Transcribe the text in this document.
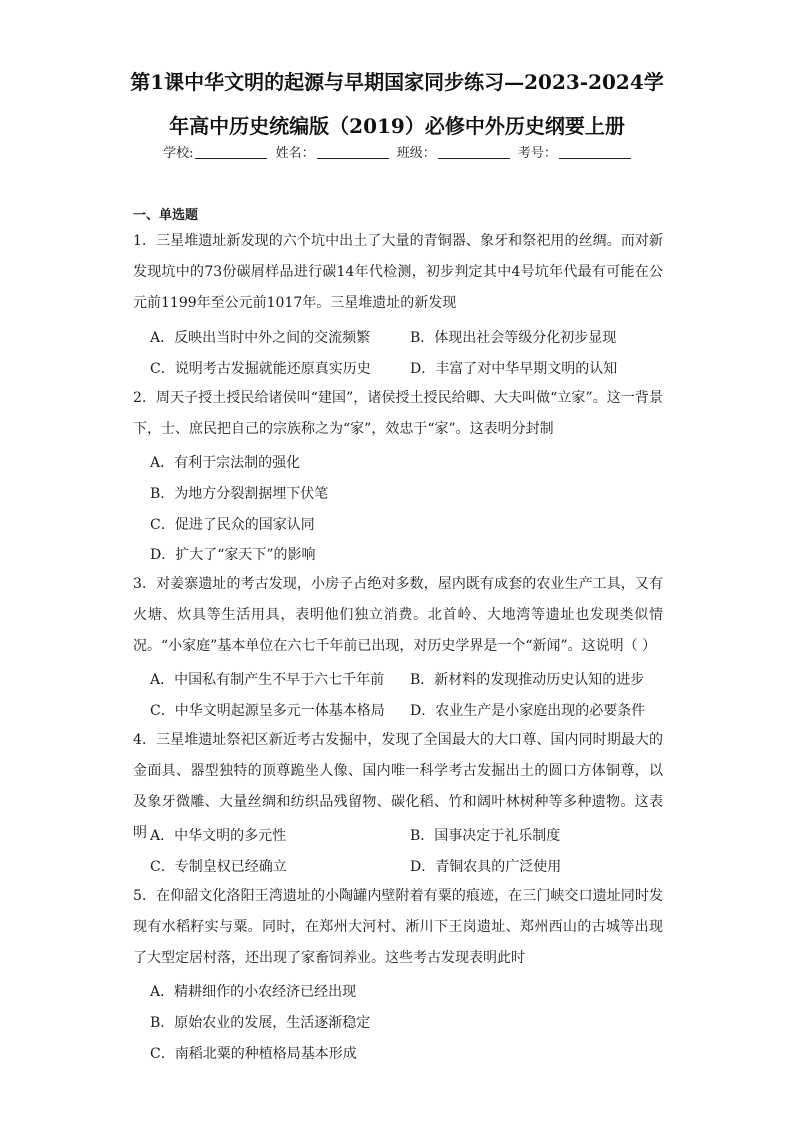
第1课中华文明的起源与早期国家同步练习—2023-2024学
年高中历史统编版（2019）必修中外历史纲要上册
学校:	姓名：	班级：	考号：
一、单选题
1．三星堆遗址新发现的六个坑中出土了大量的青铜器、象牙和祭祀用的丝绸。而对新发现坑中的73份碳屑样品进行碳14年代检测，初步判定其中4号坑年代最有可能在公元前1199年至公元前1017年。三星堆遗址的新发现
A．反映出当时中外之间的交流频繁	B．体现出社会等级分化初步显现
C．说明考古发掘就能还原真实历史	D．丰富了对中华早期文明的认知
2．周天子授土授民给诸侯叫“建国”，诸侯授土授民给卿、大夫叫做“立家”。这一背景下，士、庶民把自己的宗族称之为“家”，效忠于“家”。这表明分封制
A．有利于宗法制的强化
B．为地方分裂割据埋下伏笔
C．促进了民众的国家认同
D．扩大了“家天下”的影响
3．对姜寨遗址的考古发现，小房子占绝对多数，屋内既有成套的农业生产工具，又有火塘、炊具等生活用具，表明他们独立消费。北首岭、大地湾等遗址也发现类似情况。“小家庭”基本单位在六七千年前已出现，对历史学界是一个“新闻”。这说明（ ）
A．中国私有制产生不早于六七千年前 B．新材料的发现推动历史认知的进步
C．中华文明起源呈多元一体基本格局 D．农业生产是小家庭出现的必要条件
4．三星堆遗址祭祀区新近考古发掘中，发现了全国最大的大口尊、国内同时期最大的金面具、器型独特的顶尊跪坐人像、国内唯一科学考古发掘出土的圆口方体铜尊，以及象牙微雕、大量丝绸和纺织品残留物、碳化稻、竹和阔叶林树种等多种遗物。这表明 A．中华文明的多元性	B．国事决定于礼乐制度
C．专制皇权已经确立	D．青铜农具的广泛使用
5．在仰韶文化洛阳王湾遗址的小陶罐内壁附着有粟的痕迹，在三门峡交口遗址同时发现有水稻籽实与粟。同时，在郑州大河村、淅川下王岗遗址、郑州西山的古城等出现了大型定居村落，还出现了家畜饲养业。这些考古发现表明此时
A．精耕细作的小农经济已经出现
B．原始农业的发展，生活逐渐稳定
C．南稻北粟的种植格局基本形成
